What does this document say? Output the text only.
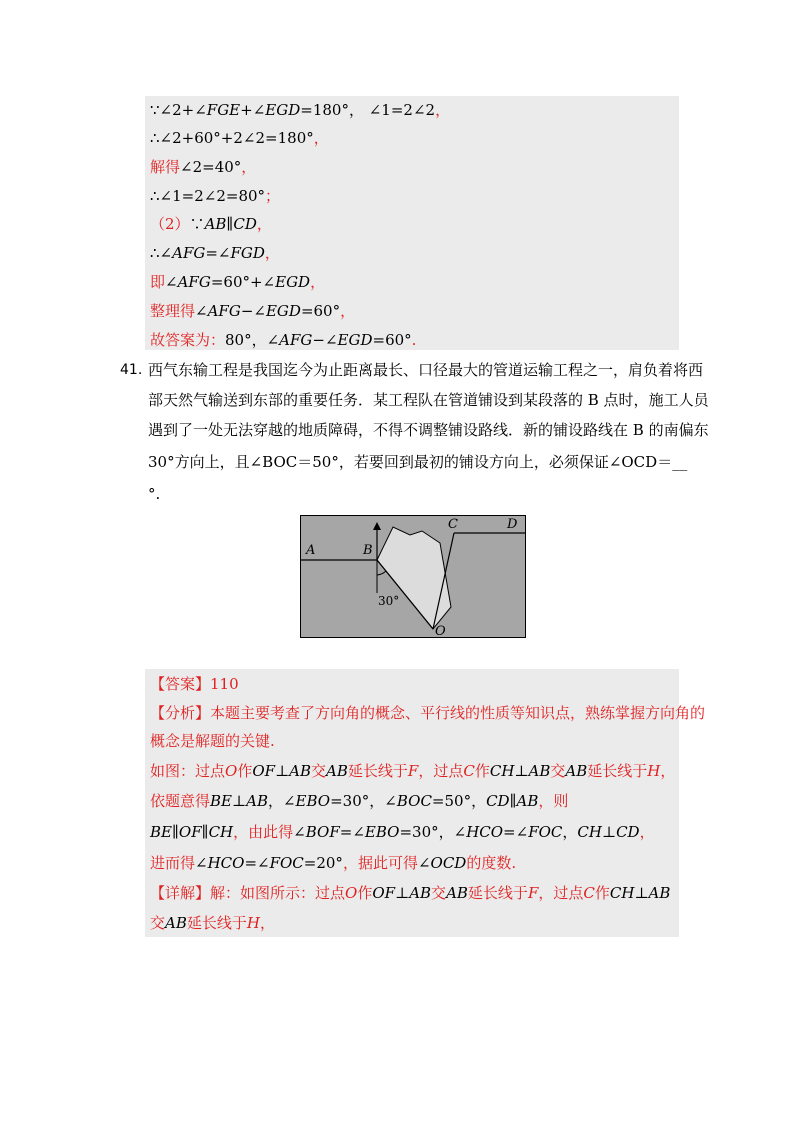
∵∠2+∠FGE+∠EGD=180°， ∠1=2∠2，
∴∠2+60°+2∠2=180°，
解得∠2=40°，
∴∠1=2∠2=80°；
（2）∵AB∥CD，
∴∠AFG=∠FGD，
即∠AFG=60°+∠EGD，
整理得∠AFG−∠EGD=60°，
故答案为：80°，∠AFG−∠EGD=60°.
41. 西气东输工程是我国迄今为止距离最长、口径最大的管道运输工程之一，肩负着将西
部天然气输送到东部的重要任务．某工程队在管道铺设到某段落的 B 点时，施工人员
遇到了一处无法穿越的地质障碍，不得不调整铺设路线．新的铺设路线在 B 的南偏东
30°方向上，且∠BOC＝50°，若要回到最初的铺设方向上，必须保证∠OCD＝__
°.
A	B
C	D
O
30°
【答案】110
【分析】本题主要考查了方向角的概念、平行线的性质等知识点，熟练掌握方向角的
概念是解题的关键.
如图：过点O作OF⊥AB交AB延长线于F，过点C作CH⊥AB交AB延长线于H，
依题意得BE⊥AB，∠EBO=30°，∠BOC=50°，CD∥AB，则
BE∥OF∥CH，由此得∠BOF=∠EBO=30°，∠HCO=∠FOC，CH⊥CD，
进而得∠HCO=∠FOC=20°，据此可得∠OCD的度数.
【详解】解：如图所示：过点O作OF⊥AB交AB延长线于F，过点C作CH⊥AB
交AB延长线于H，
